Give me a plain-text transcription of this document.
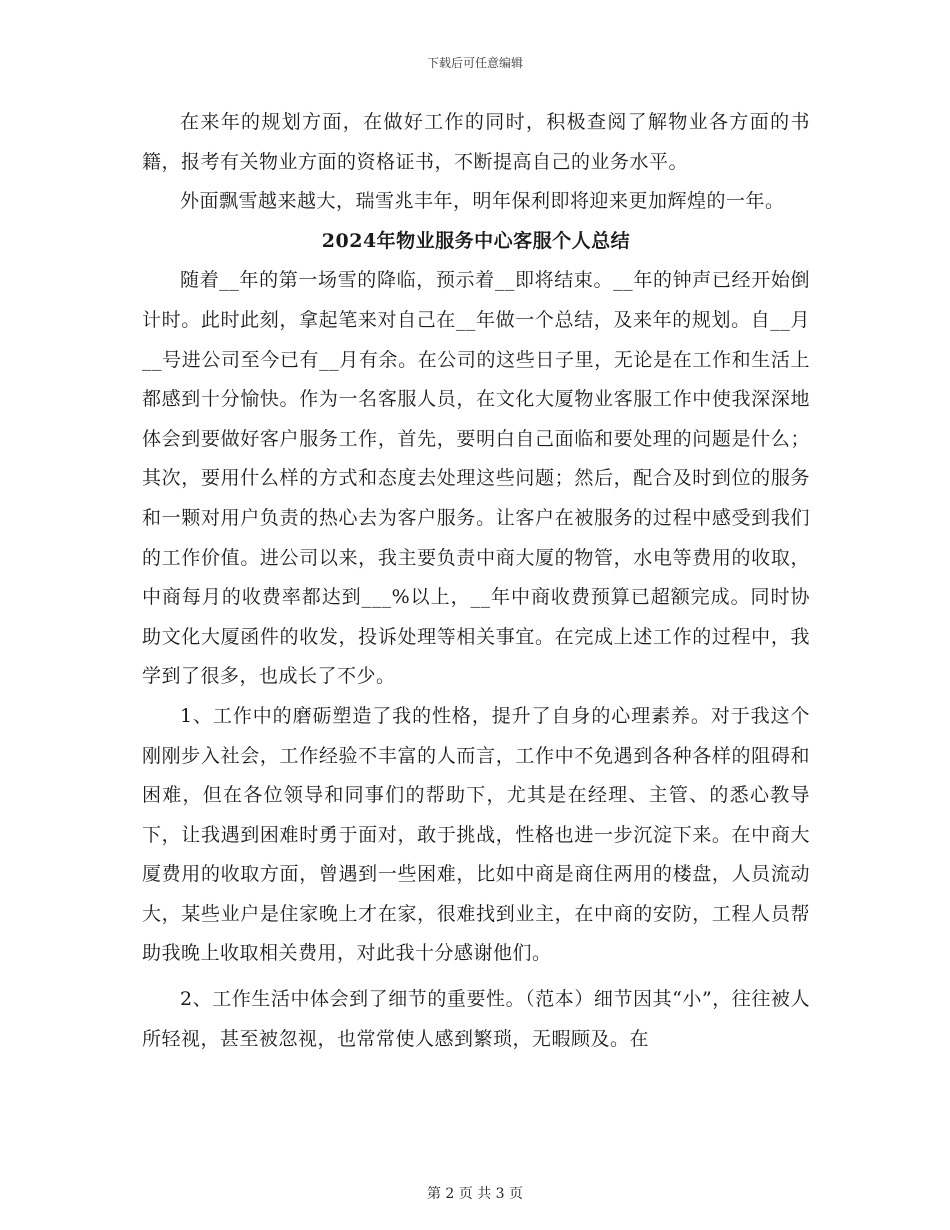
下载后可任意编辑

在来年的规划方面，在做好工作的同时，积极查阅了解物业各方面的书籍，报考有关物业方面的资格证书，不断提高自己的业务水平。

外面飘雪越来越大，瑞雪兆丰年，明年保利即将迎来更加辉煌的一年。

2024年物业服务中心客服个人总结

随着__年的第一场雪的降临，预示着__即将结束。__年的钟声已经开始倒计时。此时此刻，拿起笔来对自己在__年做一个总结，及来年的规划。自__月__号进公司至今已有__月有余。在公司的这些日子里，无论是在工作和生活上都感到十分愉快。作为一名客服人员，在文化大厦物业客服工作中使我深深地体会到要做好客户服务工作，首先，要明白自己面临和要处理的问题是什么；其次，要用什么样的方式和态度去处理这些问题；然后，配合及时到位的服务和一颗对用户负责的热心去为客户服务。让客户在被服务的过程中感受到我们的工作价值。进公司以来，我主要负责中商大厦的物管，水电等费用的收取，中商每月的收费率都达到___%以上，__年中商收费预算已超额完成。同时协助文化大厦函件的收发，投诉处理等相关事宜。在完成上述工作的过程中，我学到了很多，也成长了不少。

1、工作中的磨砺塑造了我的性格，提升了自身的心理素养。对于我这个刚刚步入社会，工作经验不丰富的人而言，工作中不免遇到各种各样的阻碍和困难，但在各位领导和同事们的帮助下，尤其是在经理、主管、的悉心教导下，让我遇到困难时勇于面对，敢于挑战，性格也进一步沉淀下来。在中商大厦费用的收取方面，曾遇到一些困难，比如中商是商住两用的楼盘，人员流动大，某些业户是住家晚上才在家，很难找到业主，在中商的安防，工程人员帮助我晚上收取相关费用，对此我十分感谢他们。

2、工作生活中体会到了细节的重要性。（范本）细节因其“小”，往往被人所轻视，甚至被忽视，也常常使人感到繁琐，无暇顾及。在

第 2 页 共 3 页
